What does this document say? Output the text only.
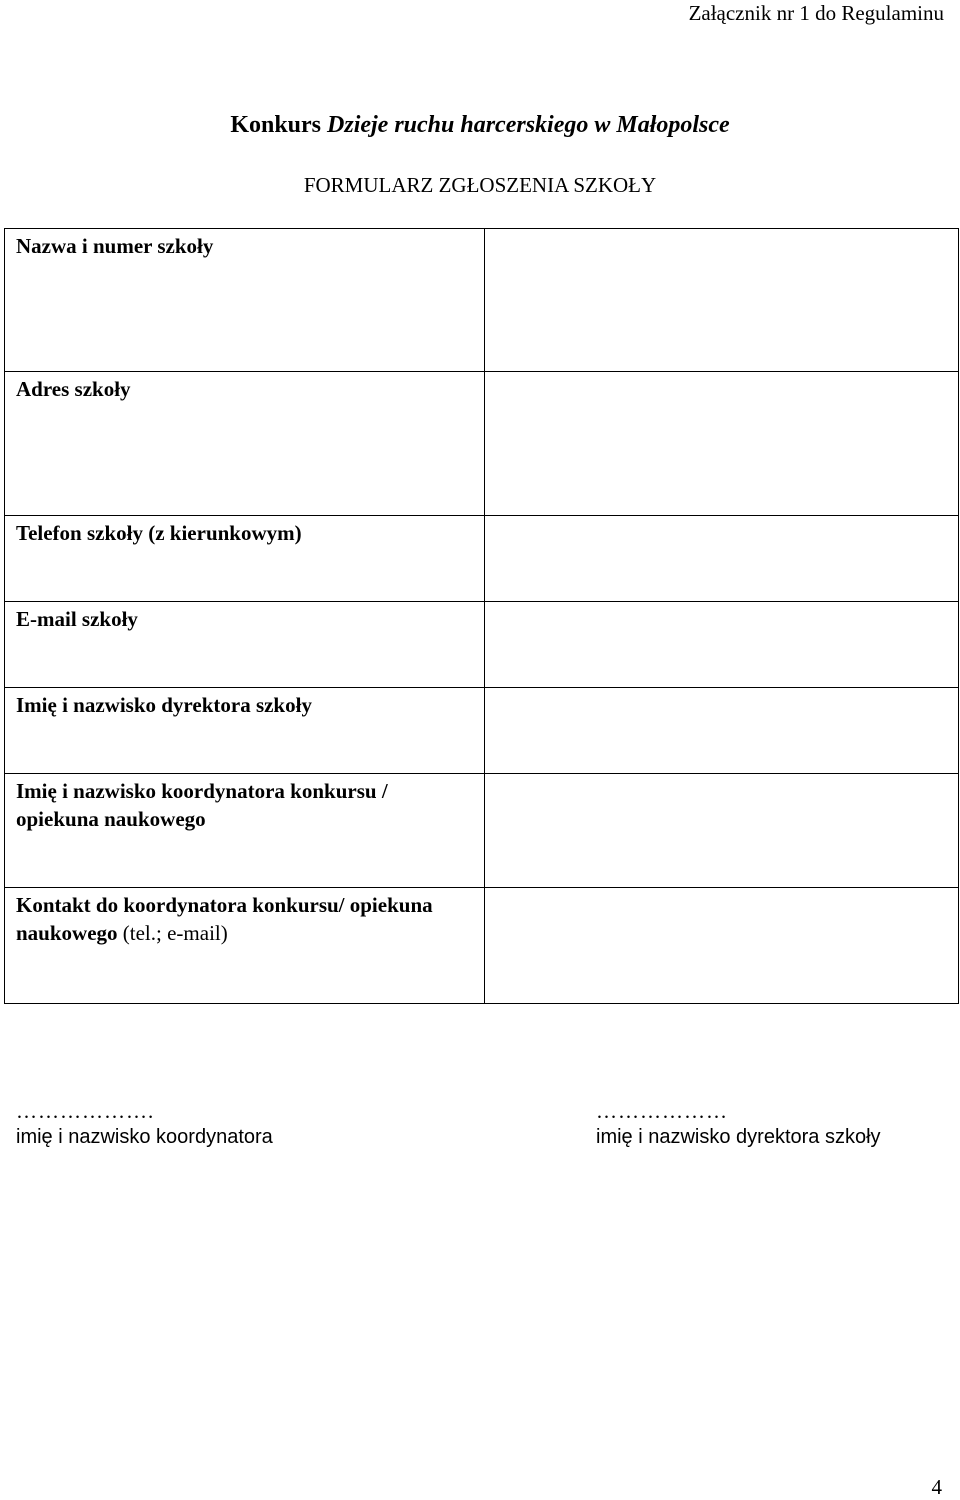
Załącznik nr 1 do Regulaminu
Konkurs Dzieje ruchu harcerskiego w Małopolsce
FORMULARZ ZGŁOSZENIA SZKOŁY
Nazwa i numer szkoły	
Adres szkoły	
Telefon szkoły (z kierunkowym)	
E-mail szkoły	
Imię i nazwisko dyrektora szkoły	
Imię i nazwisko koordynatora konkursu / opiekuna naukowego	
Kontakt do koordynatora konkursu/ opiekuna naukowego (tel.; e-mail)	
……………….
imię i nazwisko koordynatora
………………
imię i nazwisko dyrektora szkoły
4
